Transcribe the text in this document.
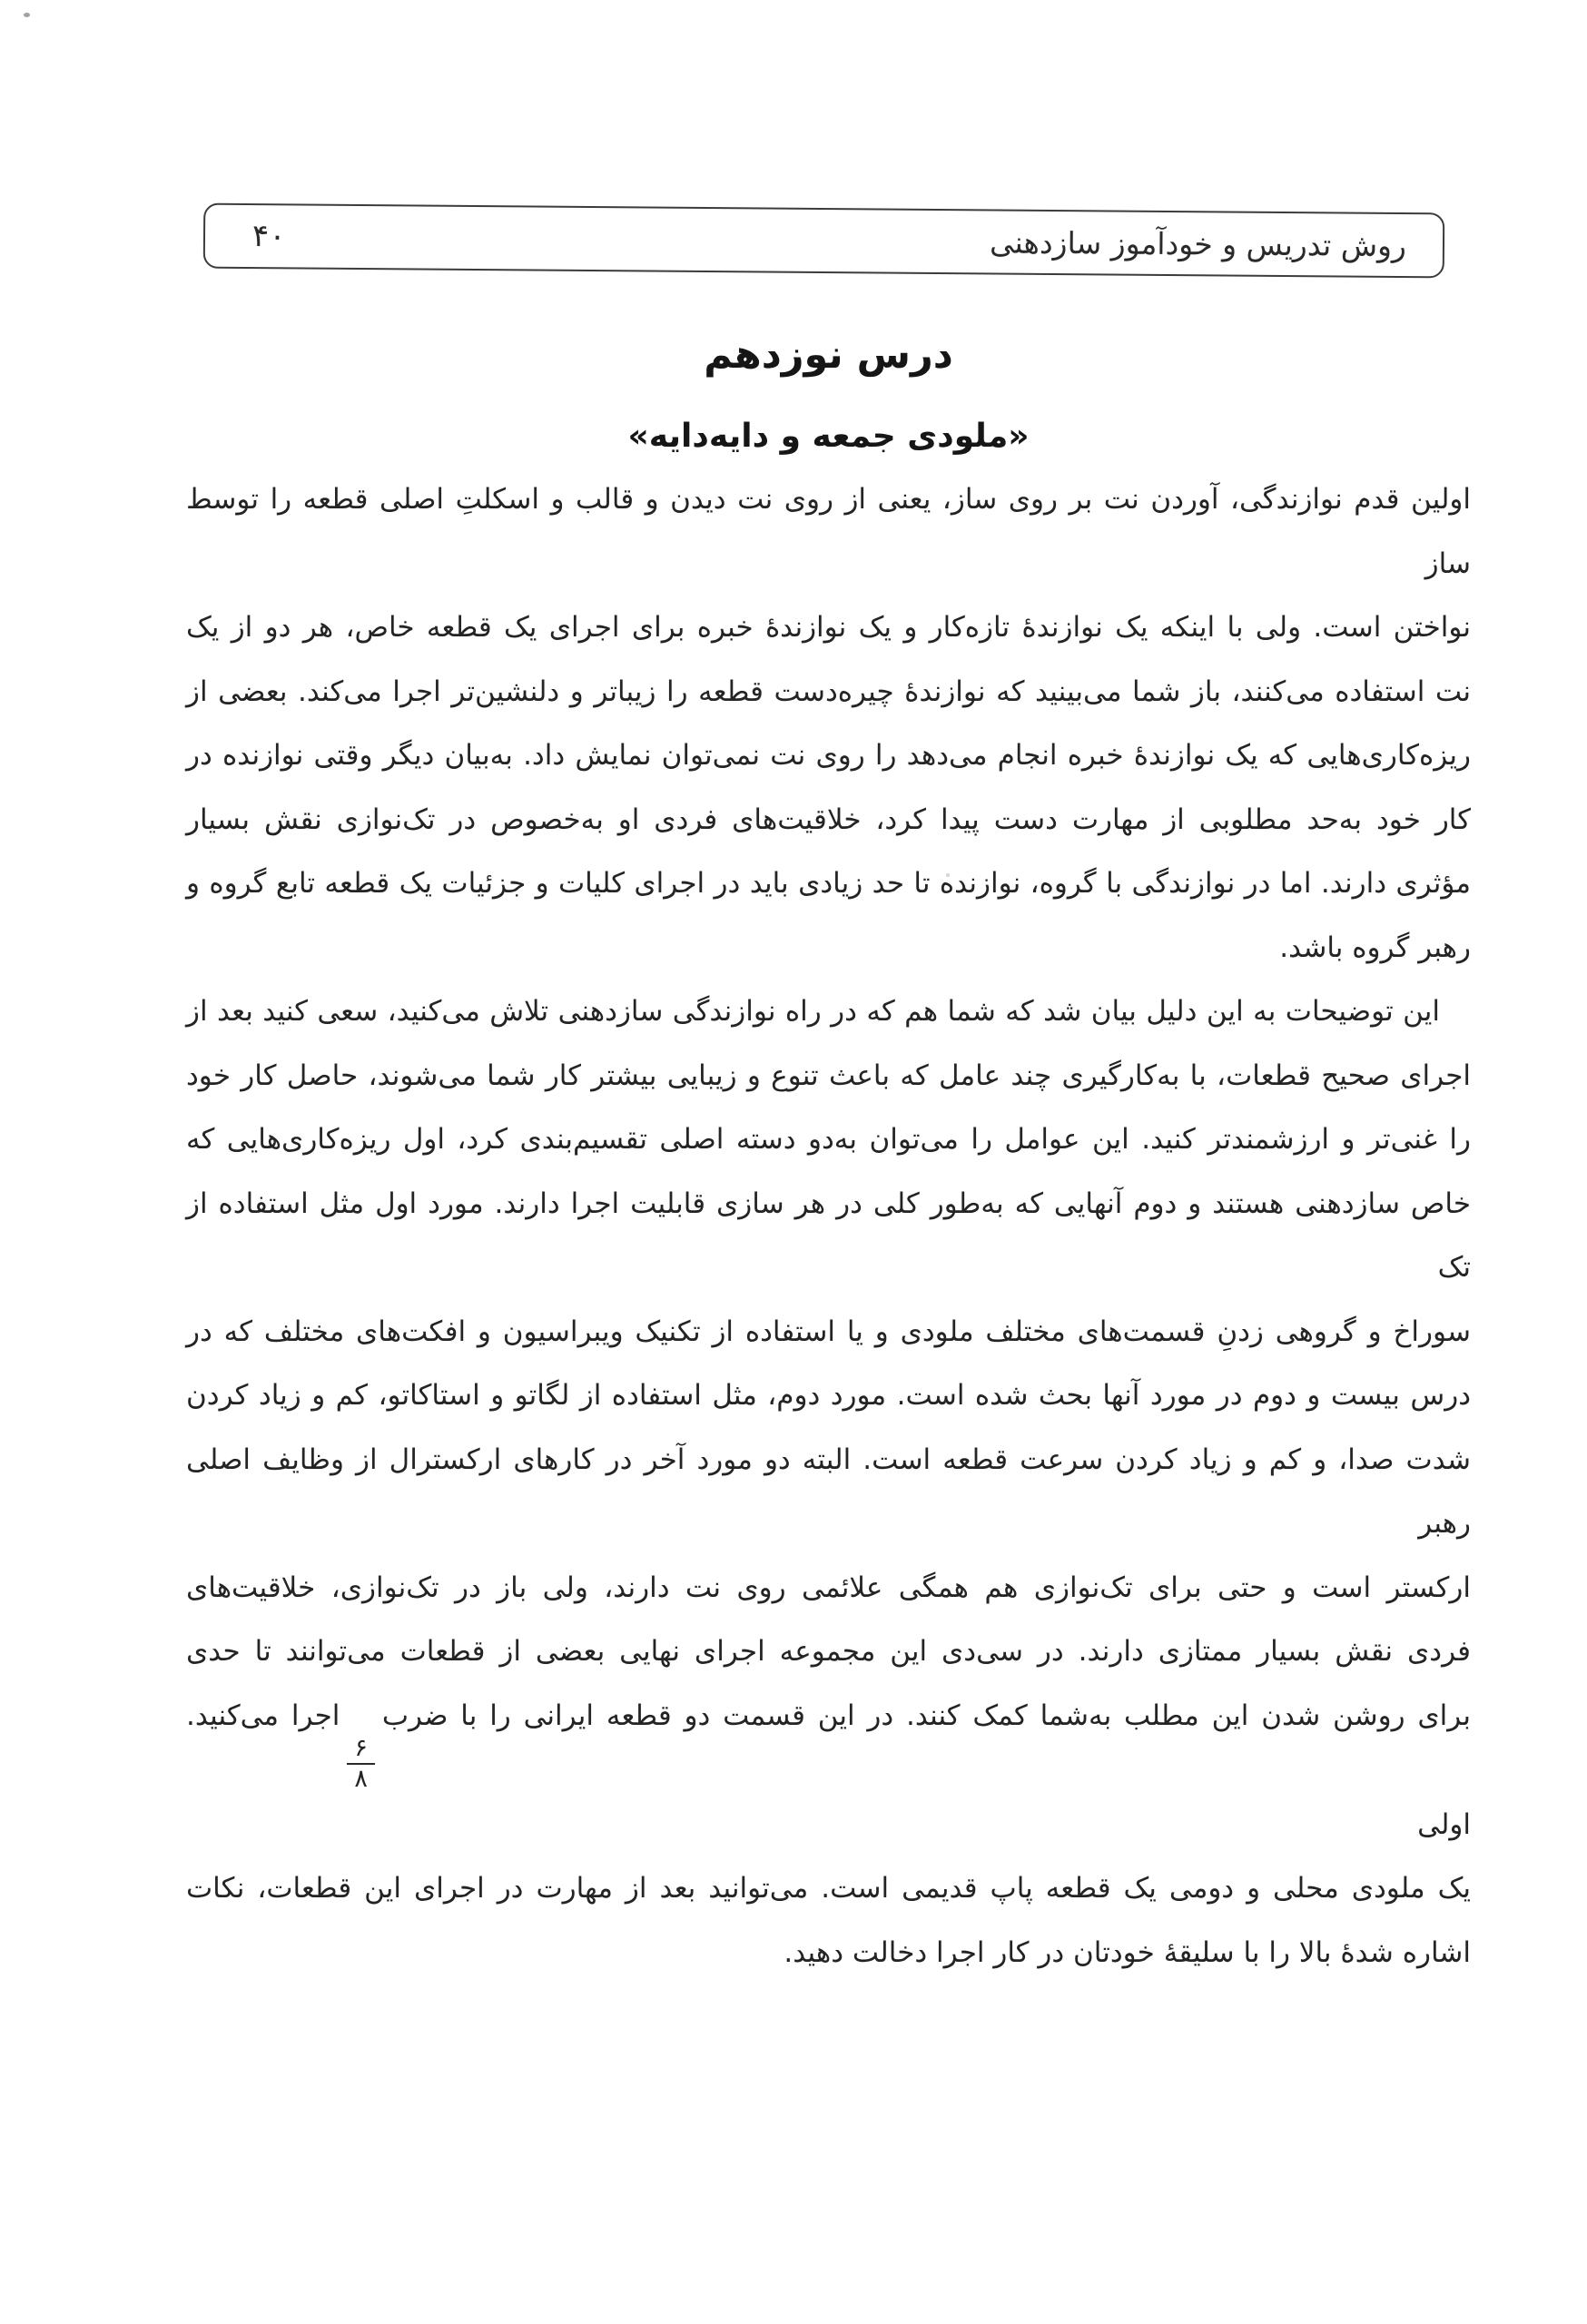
روش تدریس و خودآموز سازدهنی
۴۰
درس نوزدهم
«ملودی جمعه و دایه‌دایه»
اولین قدم نوازندگی، آوردن نت بر روی ساز، یعنی از روی نت دیدن و قالب و اسکلتِ اصلی قطعه را توسط ساز
نواختن است. ولی با اینکه یک نوازندهٔ تازه‌کار و یک نوازندهٔ خبره برای اجرای یک قطعه خاص، هر دو از یک
نت استفاده می‌کنند، باز شما می‌بینید که نوازندهٔ چیره‌دست قطعه را زیباتر و دلنشین‌تر اجرا می‌کند. بعضی از
ریزه‌کاری‌هایی که یک نوازندهٔ خبره انجام می‌دهد را روی نت نمی‌توان نمایش داد. به‌بیان دیگر وقتی نوازنده در
کار خود به‌حد مطلوبی از مهارت دست پیدا کرد، خلاقیت‌های فردی او به‌خصوص در تک‌نوازی نقش بسیار
مؤثری دارند. اما در نوازندگی با گروه، نوازنده تا حد زیادی باید در اجرای کلیات و جزئیات یک قطعه تابع گروه و
رهبر گروه باشد.
این توضیحات به این دلیل بیان شد که شما هم که در راه نوازندگی سازدهنی تلاش می‌کنید، سعی کنید بعد از
اجرای صحیح قطعات، با به‌کارگیری چند عامل که باعث تنوع و زیبایی بیشتر کار شما می‌شوند، حاصل کار خود
را غنی‌تر و ارزشمندتر کنید. این عوامل را می‌توان به‌دو دسته اصلی تقسیم‌بندی کرد، اول ریزه‌کاری‌هایی که
خاص سازدهنی هستند و دوم آنهایی که به‌طور کلی در هر سازی قابلیت اجرا دارند. مورد اول مثل استفاده از تک
سوراخ و گروهی زدنِ قسمت‌های مختلف ملودی و یا استفاده از تکنیک ویبراسیون و افکت‌های مختلف که در
درس بیست و دوم در مورد آنها بحث شده است. مورد دوم، مثل استفاده از لگاتو و استاکاتو، کم و زیاد کردن
شدت صدا، و کم و زیاد کردن سرعت قطعه است. البته دو مورد آخر در کارهای ارکسترال از وظایف اصلی رهبر
ارکستر است و حتی برای تک‌نوازی هم همگی علائمی روی نت دارند، ولی باز در تک‌نوازی، خلاقیت‌های
فردی نقش بسیار ممتازی دارند. در سی‌دی این مجموعه اجرای نهایی بعضی از قطعات می‌توانند تا حدی
برای روشن شدن این مطلب به‌شما کمک کنند. در این قسمت دو قطعه ایرانی را با ضرب
$\frac{۶}{۸}$
اجرا می‌کنید. اولی
یک ملودی محلی و دومی یک قطعه پاپ قدیمی است. می‌توانید بعد از مهارت در اجرای این قطعات، نکات
اشاره شدهٔ بالا را با سلیقهٔ خودتان در کار اجرا دخالت دهید.
